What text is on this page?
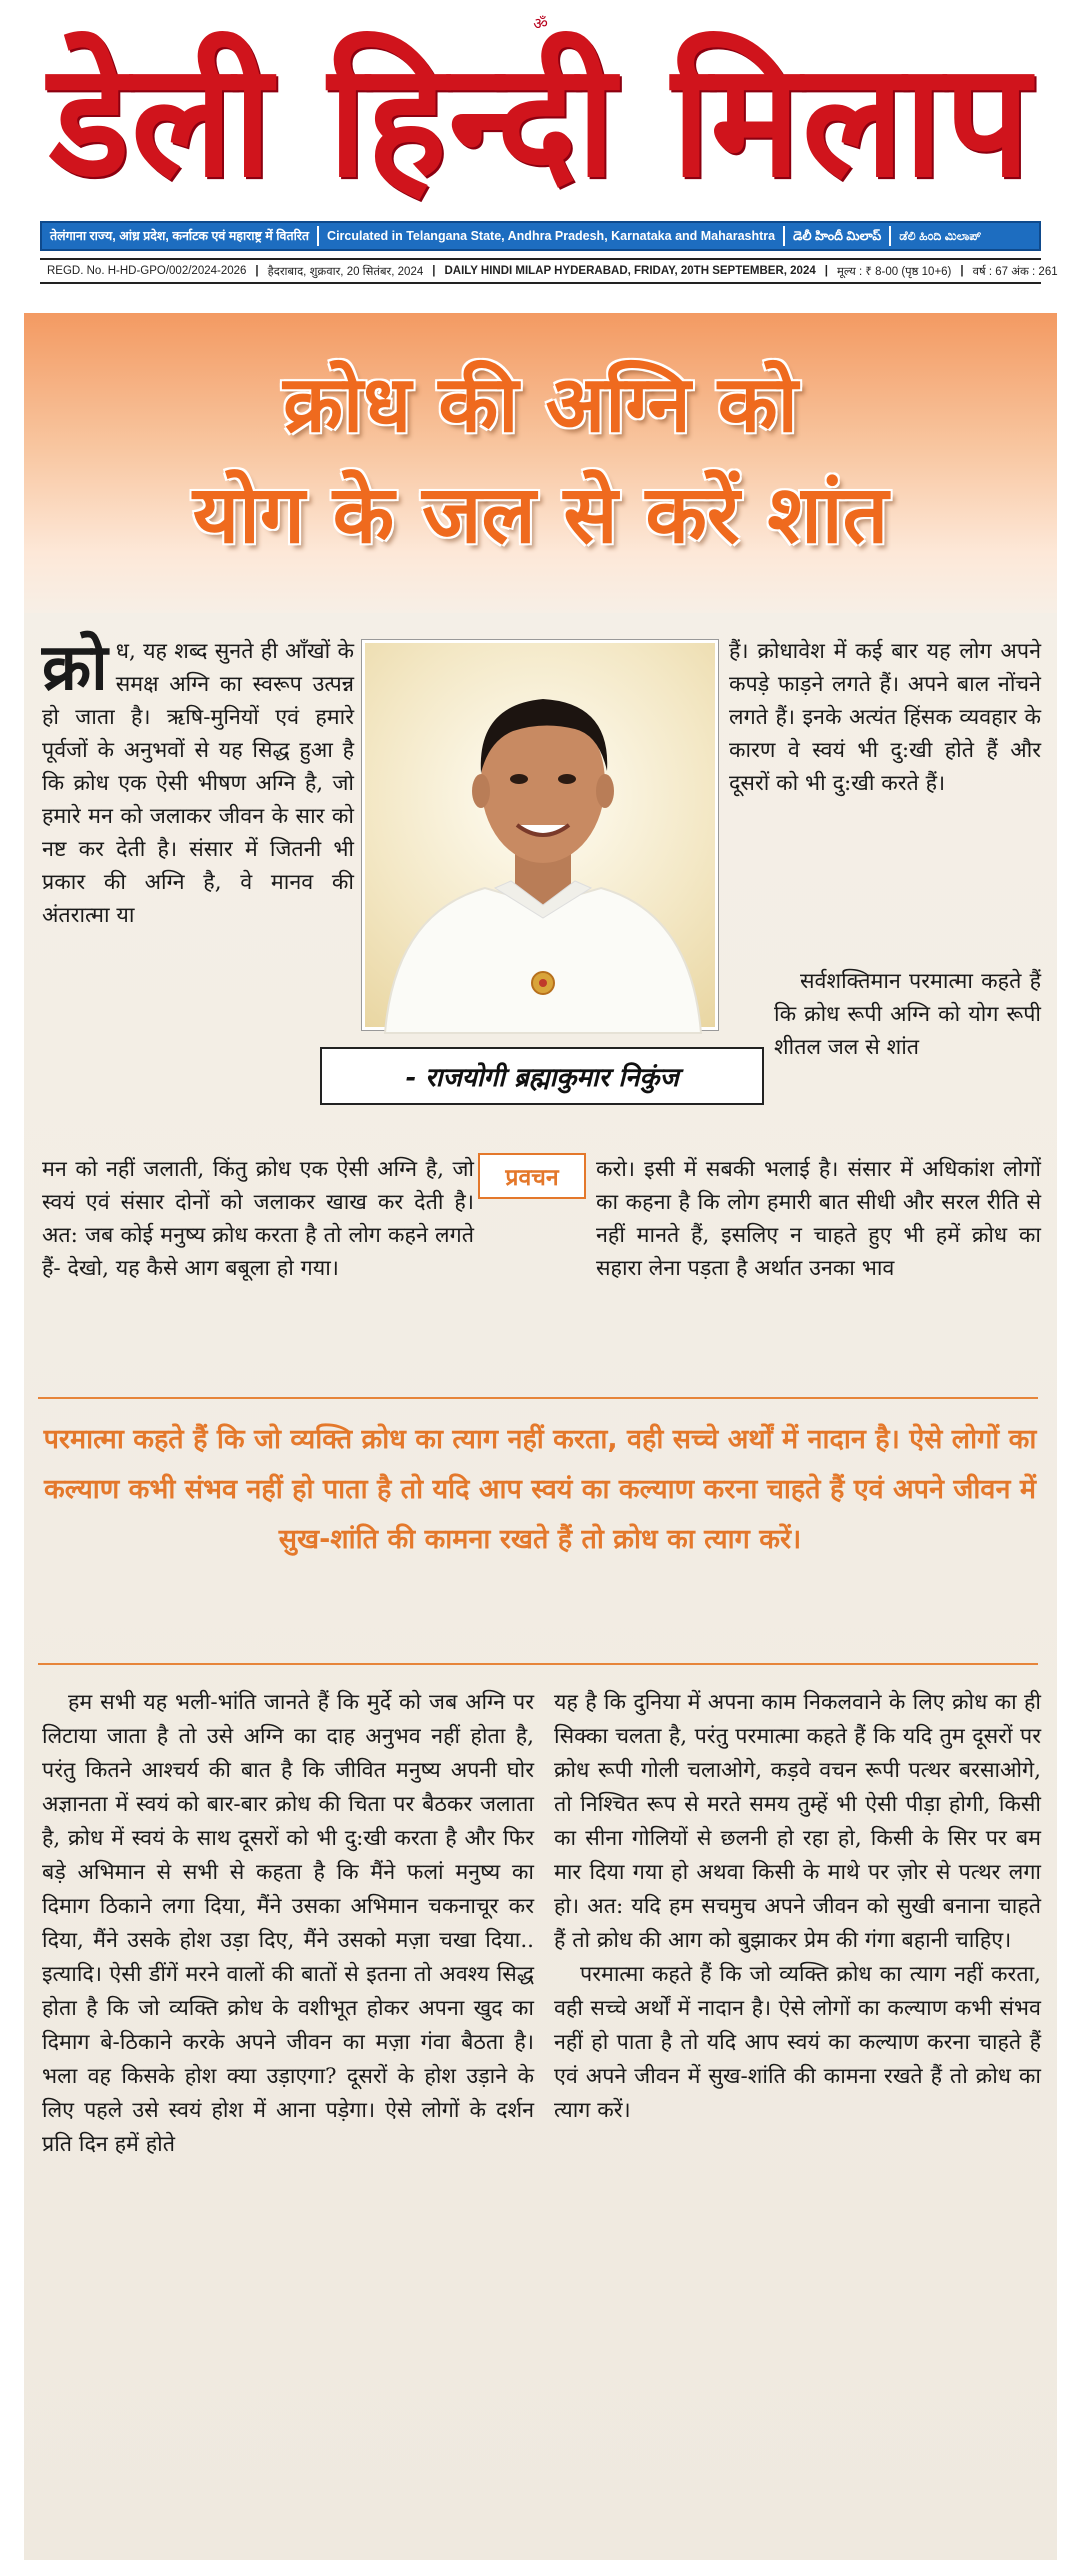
ॐ
डेली हिन्दी मिलाप
तेलंगाना राज्य, आंध्र प्रदेश, कर्नाटक एवं महाराष्ट्र में वितरित	Circulated in Telangana State, Andhra Pradesh, Karnataka and Maharashtra	డెలీ హిందీ మిలాప్	ಡೆಲಿ ಹಿಂದಿ ಮಿಲಾಪ್
REGD. No. H-HD-GPO/002/2024-2026 | हैदराबाद, शुक्रवार, 20 सितंबर, 2024 | DAILY HINDI MILAP HYDERABAD, FRIDAY, 20TH SEPTEMBER, 2024 | मूल्य : ₹ 8-00 (पृष्ठ 10+6) | वर्ष : 67 अंक : 261
क्रोध की अग्नि को
योग के जल से करें शांत
क्रो ध, यह शब्द सुनते ही आँखों के समक्ष अग्नि का स्वरूप उत्पन्न हो जाता है। ऋषि-मुनियों एवं हमारे पूर्वजों के अनुभवों से यह सिद्ध हुआ है कि क्रोध एक ऐसी भीषण अग्नि है, जो हमारे मन को जलाकर जीवन के सार को नष्ट कर देती है। संसार में जितनी भी प्रकार की अग्नि है, वे मानव की अंतरात्मा या
- राजयोगी ब्रह्माकुमार निकुंज
मन को नहीं जलाती, किंतु क्रोध एक ऐसी अग्नि है, जो स्वयं एवं संसार दोनों को जलाकर खाख कर देती है। अत: जब कोई मनुष्य क्रोध करता है तो लोग कहने लगते हैं- देखो, यह कैसे आग बबूला हो गया।
प्रवचन
हैं। क्रोधावेश में कई बार यह लोग अपने कपड़े फाड़ने लगते हैं। अपने बाल नोंचने लगते हैं। इनके अत्यंत हिंसक व्यवहार के कारण वे स्वयं भी दु:खी होते हैं और दूसरों को भी दु:खी करते हैं।
सर्वशक्तिमान परमात्मा कहते हैं कि क्रोध रूपी अग्नि को योग रूपी शीतल जल से शांत
करो। इसी में सबकी भलाई है। संसार में अधिकांश लोगों का कहना है कि लोग हमारी बात सीधी और सरल रीति से नहीं मानते हैं, इसलिए न चाहते हुए भी हमें क्रोध का सहारा लेना पड़ता है अर्थात उनका भाव
परमात्मा कहते हैं कि जो व्यक्ति क्रोध का त्याग नहीं करता, वही सच्चे अर्थों में नादान है। ऐसे लोगों का कल्याण कभी संभव नहीं हो पाता है तो यदि आप स्वयं का कल्याण करना चाहते हैं एवं अपने जीवन में सुख-शांति की कामना रखते हैं तो क्रोध का त्याग करें।
हम सभी यह भली-भांति जानते हैं कि मुर्दे को जब अग्नि पर लिटाया जाता है तो उसे अग्नि का दाह अनुभव नहीं होता है, परंतु कितने आश्चर्य की बात है कि जीवित मनुष्य अपनी घोर अज्ञानता में स्वयं को बार-बार क्रोध की चिता पर बैठकर जलाता है, क्रोध में स्वयं के साथ दूसरों को भी दु:खी करता है और फिर बड़े अभिमान से सभी से कहता है कि मैंने फलां मनुष्य का दिमाग ठिकाने लगा दिया, मैंने उसका अभिमान चकनाचूर कर दिया, मैंने उसके होश उड़ा दिए, मैंने उसको मज़ा चखा दिया.. इत्यादि। ऐसी डींगें मरने वालों की बातों से इतना तो अवश्य सिद्ध होता है कि जो व्यक्ति क्रोध के वशीभूत होकर अपना खुद का दिमाग बे-ठिकाने करके अपने जीवन का मज़ा गंवा बैठता है। भला वह किसके होश क्या उड़ाएगा? दूसरों के होश उड़ाने के लिए पहले उसे स्वयं होश में आना पड़ेगा। ऐसे लोगों के दर्शन प्रति दिन हमें होते

यह है कि दुनिया में अपना काम निकलवाने के लिए क्रोध का ही सिक्का चलता है, परंतु परमात्मा कहते हैं कि यदि तुम दूसरों पर क्रोध रूपी गोली चलाओगे, कड़वे वचन रूपी पत्थर बरसाओगे, तो निश्चित रूप से मरते समय तुम्हें भी ऐसी पीड़ा होगी, किसी का सीना गोलियों से छलनी हो रहा हो, किसी के सिर पर बम मार दिया गया हो अथवा किसी के माथे पर ज़ोर से पत्थर लगा हो। अत: यदि हम सचमुच अपने जीवन को सुखी बनाना चाहते हैं तो क्रोध की आग को बुझाकर प्रेम की गंगा बहानी चाहिए।

परमात्मा कहते हैं कि जो व्यक्ति क्रोध का त्याग नहीं करता, वही सच्चे अर्थों में नादान है। ऐसे लोगों का कल्याण कभी संभव नहीं हो पाता है तो यदि आप स्वयं का कल्याण करना चाहते हैं एवं अपने जीवन में सुख-शांति की कामना रखते हैं तो क्रोध का त्याग करें।
